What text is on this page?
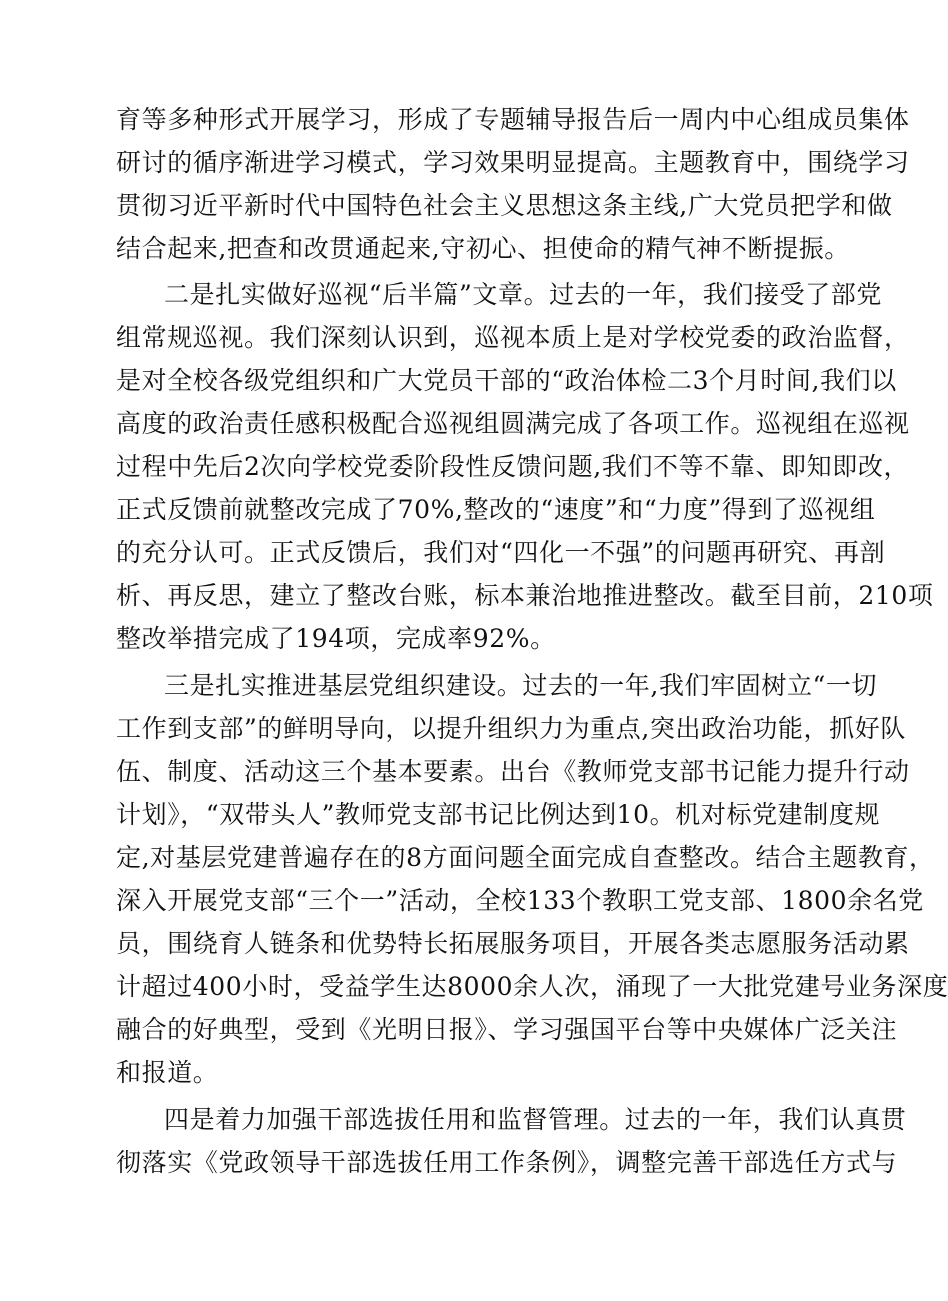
育等多种形式开展学习，形成了专题辅导报告后一周内中心组成员集体
研讨的循序渐进学习模式，学习效果明显提高。主题教育中，围绕学习
贯彻习近平新时代中国特色社会主义思想这条主线,广大党员把学和做
结合起来,把查和改贯通起来,守初心、担使命的精气神不断提振。
二是扎实做好巡视“后半篇”文章。过去的一年，我们接受了部党
组常规巡视。我们深刻认识到，巡视本质上是对学校党委的政治监督，
是对全校各级党组织和广大党员干部的“政治体检二3个月时间,我们以
高度的政治责任感积极配合巡视组圆满完成了各项工作。巡视组在巡视
过程中先后2次向学校党委阶段性反馈问题,我们不等不靠、即知即改，
正式反馈前就整改完成了70%,整改的“速度”和“力度”得到了巡视组
的充分认可。正式反馈后，我们对“四化一不强”的问题再研究、再剖
析、再反思，建立了整改台账，标本兼治地推进整改。截至目前，210项
整改举措完成了194项，完成率92%。
三是扎实推进基层党组织建设。过去的一年,我们牢固树立“一切
工作到支部”的鲜明导向，以提升组织力为重点,突出政治功能，抓好队
伍、制度、活动这三个基本要素。出台《教师党支部书记能力提升行动
计划》，“双带头人”教师党支部书记比例达到10。机对标党建制度规
定,对基层党建普遍存在的8方面问题全面完成自查整改。结合主题教育，
深入开展党支部“三个一”活动，全校133个教职工党支部、1800余名党
员，围绕育人链条和优势特长拓展服务项目，开展各类志愿服务活动累
计超过400小时，受益学生达8000余人次，涌现了一大批党建号业务深度
融合的好典型，受到《光明日报》、学习强国平台等中央媒体广泛关注
和报道。
四是着力加强干部选拔任用和监督管理。过去的一年，我们认真贯
彻落实《党政领导干部选拔任用工作条例》，调整完善干部选任方式与
